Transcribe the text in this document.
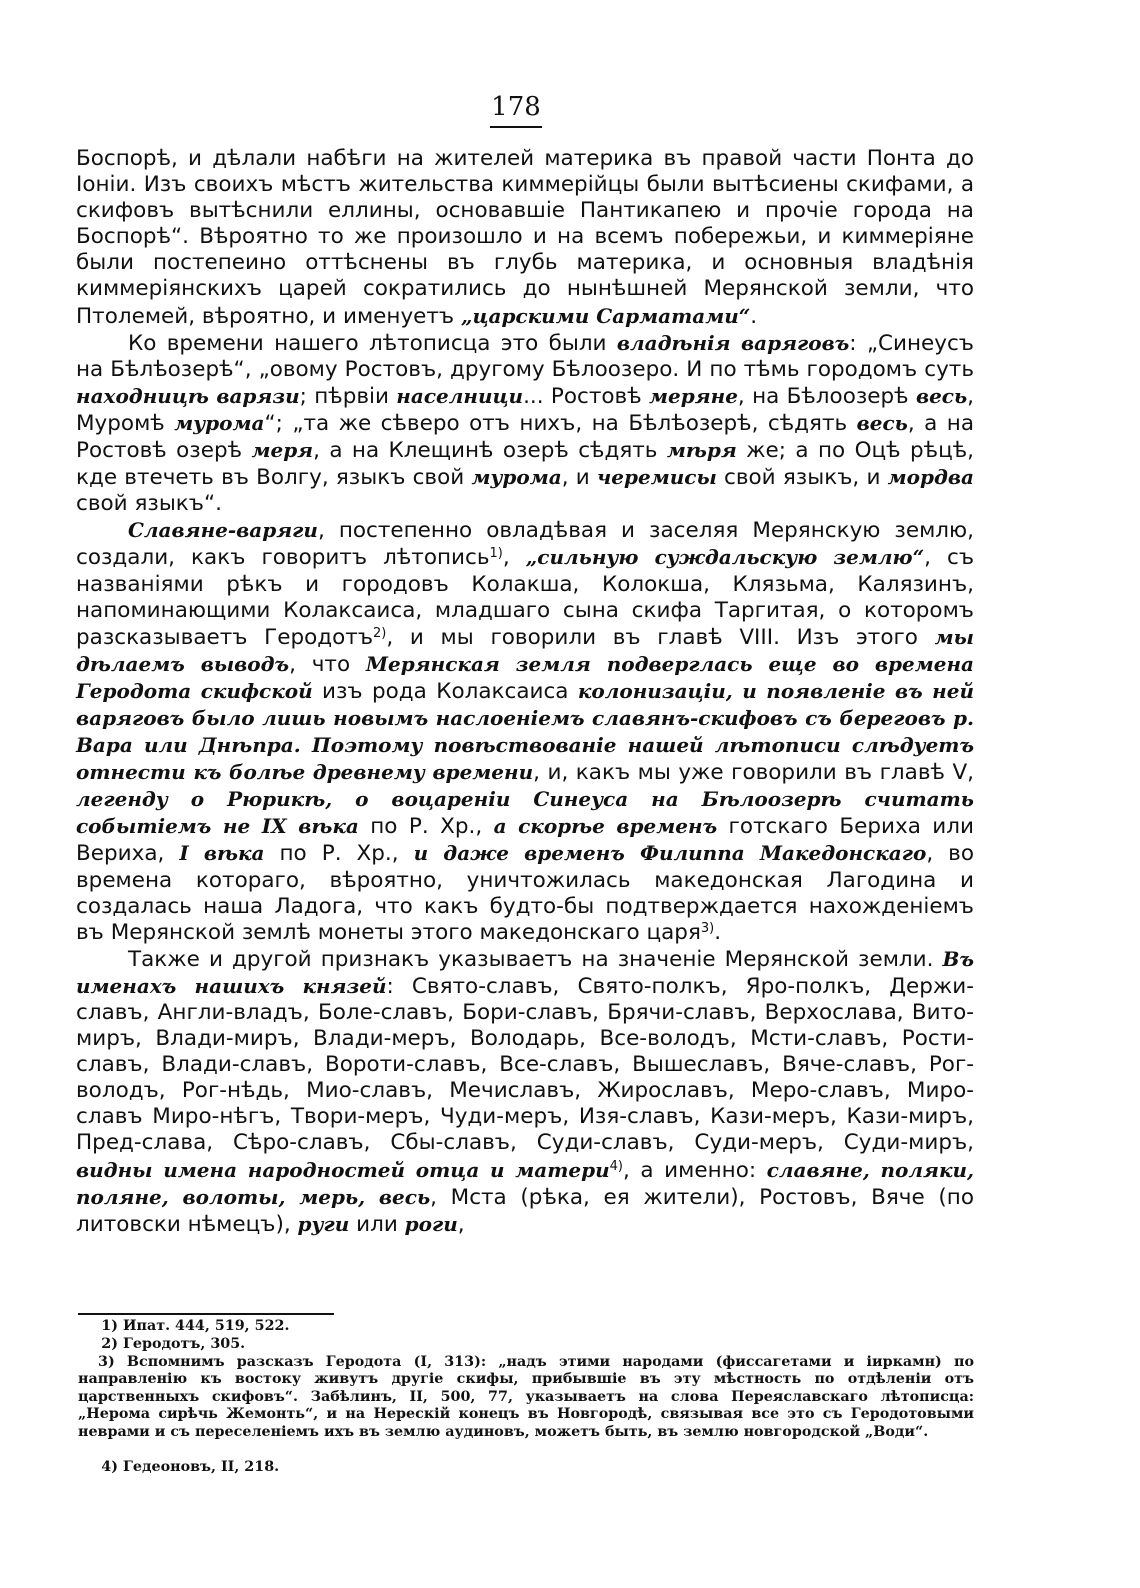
178

Боспорѣ, и дѣлали набѣги на жителей материка въ правой части Понта до Іоніи. Изъ своихъ мѣстъ жительства киммерійцы были вытѣсиены скифами, а скифовъ вытѣснили еллины, основавшіе Пантикапею и прочіе города на Боспорѣ“. Вѣроятно то же произошло и на всемъ побережьи, и киммеріяне были постепеино оттѣснены въ глубь материка, и основныя владѣнія киммеріянскихъ царей сократились до нынѣшней Мерянской земли, что Птолемей, вѣроятно, и именуетъ „царскими Сарматами“.

Ко времени нашего лѣтописца это были владѣнія варяговъ: „Синеусъ на Бѣлѣозерѣ“, „овому Ростовъ, другому Бѣлоозеро. И по тѣмь городомъ суть находницѣ варязи; пѣрвіи населници... Ростовѣ меряне, на Бѣлоозерѣ весь, Муромѣ мурома“; „та же сѣверо отъ нихъ, на Бѣлѣозерѣ, сѣдять весь, а на Ростовѣ озерѣ меря, а на Клещинѣ озерѣ сѣдять мѣря же; а по Оцѣ рѣцѣ, кде втечеть въ Волгу, языкъ свой мурома, и черемисы свой языкъ, и мордва свой языкъ“.

Славяне-варяги, постепенно овладѣвая и заселяя Мерянскую землю, создали, какъ говоритъ лѣтопись$^{1)}$, „сильную суждальскую землю“, съ названіями рѣкъ и городовъ Колакша, Колокша, Клязьма, Калязинъ, напоминающими Колаксаиса, младшаго сына скифа Таргитая, о которомъ разсказываетъ Геродотъ$^{2)}$, и мы говорили въ главѣ VIII. Изъ этого мы дѣлаемъ выводъ, что Мерянская земля подверглась еще во времена Геродота скифской изъ рода Колаксаиса колонизаціи, и появленіе въ ней варяговъ было лишь новымъ наслоеніемъ славянъ-скифовъ съ береговъ р. Вара или Днѣпра. Поэтому повѣствованіе нашей лѣтописи слѣдуетъ отнести къ болѣе древнему времени, и, какъ мы уже говорили въ главѣ V, легенду о Рюрикѣ, о воцареніи Синеуса на Бѣлоозерѣ считать событіемъ не IX вѣка по Р. Хр., а скорѣе временъ готскаго Бериха или Вериха, I вѣка по Р. Хр., и даже временъ Филиппа Македонскаго, во времена котораго, вѣроятно, уничтожилась македонская Лагодина и создалась наша Ладога, что какъ будто-бы подтверждается нахожденіемъ въ Мерянской землѣ монеты этого македонскаго царя$^{3)}$.

Также и другой признакъ указываетъ на значеніе Мерянской земли. Въ именахъ нашихъ князей: Свято-славъ, Свято-полкъ, Яро-полкъ, Держи-славъ, Англи-владъ, Боле-славъ, Бори-славъ, Брячи-славъ, Верхослава, Вито-миръ, Влади-миръ, Влади-меръ, Володарь, Все-володъ, Мсти-славъ, Рости-славъ, Влади-славъ, Вороти-славъ, Все-славъ, Вышеславъ, Вяче-славъ, Рог-володъ, Рог-нѣдь, Мио-славъ, Мечиславъ, Жирославъ, Меро-славъ, Миро-славъ Миро-нѣгъ, Твори-меръ, Чуди-меръ, Изя-славъ, Кази-меръ, Кази-миръ, Пред-слава, Сѣро-славъ, Сбы-славъ, Суди-славъ, Суди-меръ, Суди-миръ, видны имена народностей отца и матери$^{4)}$, а именно: славяне, поляки, поляне, волоты, мерь, весь, Мста (рѣка, ея жители), Ростовъ, Вяче (по литовски нѣмецъ), руги или роги,

1) Ипат. 444, 519, 522.
2) Геродотъ, 305.
3) Вспомнимъ разсказъ Геродота (I, 313): „надъ этими народами (фиссагетами и іиркамн) по направленію къ востоку живутъ другіе скифы, прибывшіе въ эту мѣстность по отдѣленіи отъ царственныхъ скифовъ“. Забѣлинъ, II, 500, 77, указываетъ на слова Переяславскаго лѣтописца: „Нерома сирѣчь Жемонть“, и на Нерескій конецъ въ Новгородѣ, связывая все это съ Геродотовыми неврами и съ переселеніемъ ихъ въ землю аудиновъ, можетъ быть, въ землю новгородской „Води“.
4) Гедеоновъ, II, 218.
